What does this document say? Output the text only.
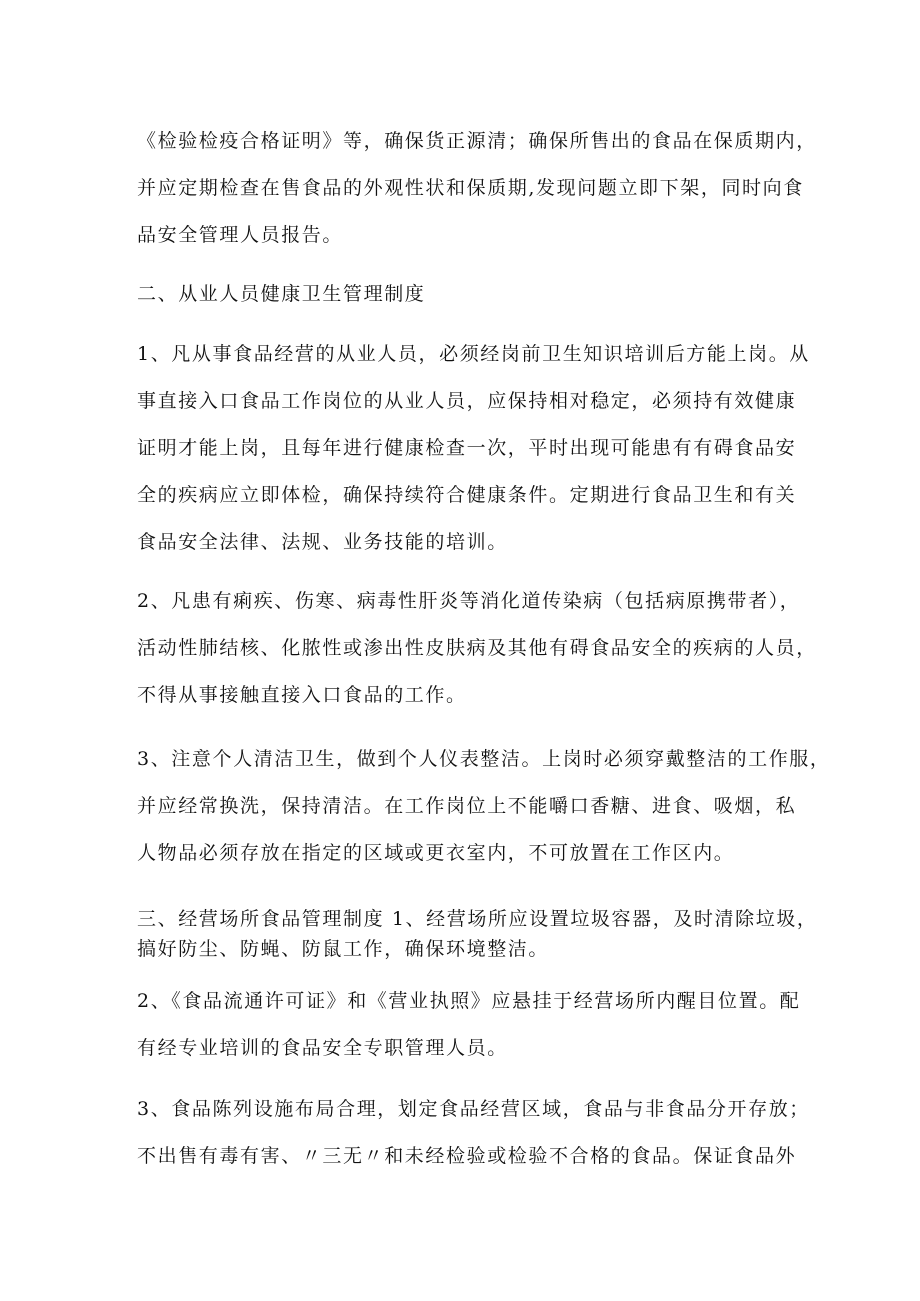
《检验检疫合格证明》等，确保货正源清；确保所售出的食品在保质期内，
并应定期检查在售食品的外观性状和保质期,发现问题立即下架，同时向食
品安全管理人员报告。
二、从业人员健康卫生管理制度
1、凡从事食品经营的从业人员，必须经岗前卫生知识培训后方能上岗。从
事直接入口食品工作岗位的从业人员，应保持相对稳定，必须持有效健康
证明才能上岗，且每年进行健康检查一次，平时出现可能患有有碍食品安
全的疾病应立即体检，确保持续符合健康条件。定期进行食品卫生和有关
食品安全法律、法规、业务技能的培训。
2、凡患有痢疾、伤寒、病毒性肝炎等消化道传染病（包括病原携带者），
活动性肺结核、化脓性或渗出性皮肤病及其他有碍食品安全的疾病的人员，
不得从事接触直接入口食品的工作。
3、注意个人清洁卫生，做到个人仪表整洁。上岗时必须穿戴整洁的工作服，
并应经常换洗，保持清洁。在工作岗位上不能嚼口香糖、进食、吸烟，私
人物品必须存放在指定的区域或更衣室内，不可放置在工作区内。
三、经营场所食品管理制度 1、经营场所应设置垃圾容器，及时清除垃圾，
搞好防尘、防蝇、防鼠工作，确保环境整洁。
2、《食品流通许可证》和《营业执照》应悬挂于经营场所内醒目位置。配
有经专业培训的食品安全专职管理人员。
3、食品陈列设施布局合理，划定食品经营区域，食品与非食品分开存放；
不出售有毒有害、〃三无〃和未经检验或检验不合格的食品。保证食品外
